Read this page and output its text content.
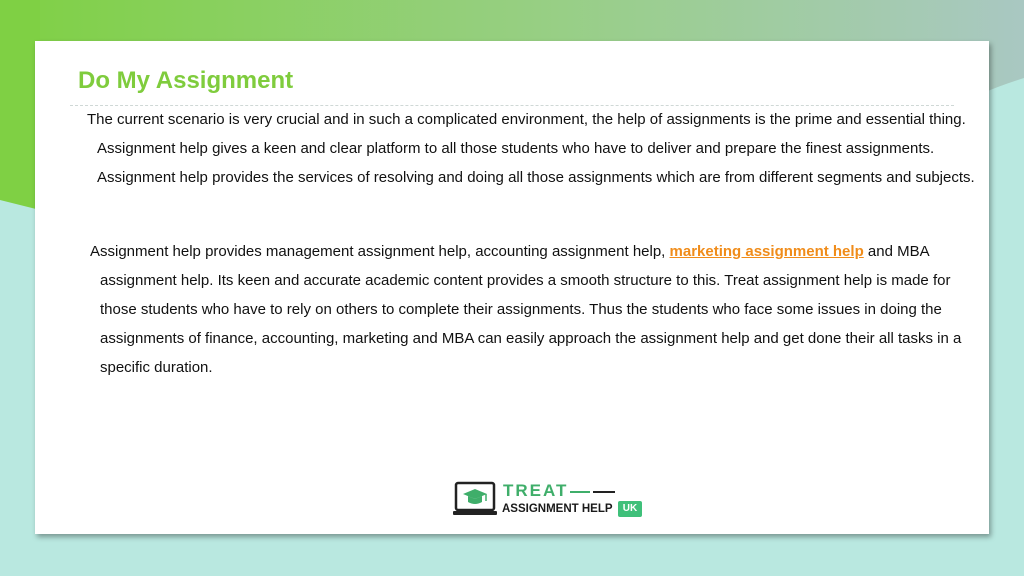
Do My Assignment

The current scenario is very crucial and in such a complicated environment, the help of assignments is the prime and essential thing. Assignment help gives a keen and clear platform to all those students who have to deliver and prepare the finest assignments. Assignment help provides the services of resolving and doing all those assignments which are from different segments and subjects.

Assignment help provides management assignment help, accounting assignment help, marketing assignment help and MBA assignment help. Its keen and accurate academic content provides a smooth structure to this. Treat assignment help is made for those students who have to rely on others to complete their assignments. Thus the students who face some issues in doing the assignments of finance, accounting, marketing and MBA can easily approach the assignment help and get done their all tasks in a specific duration.

TREAT
ASSIGNMENT HELP	UK
